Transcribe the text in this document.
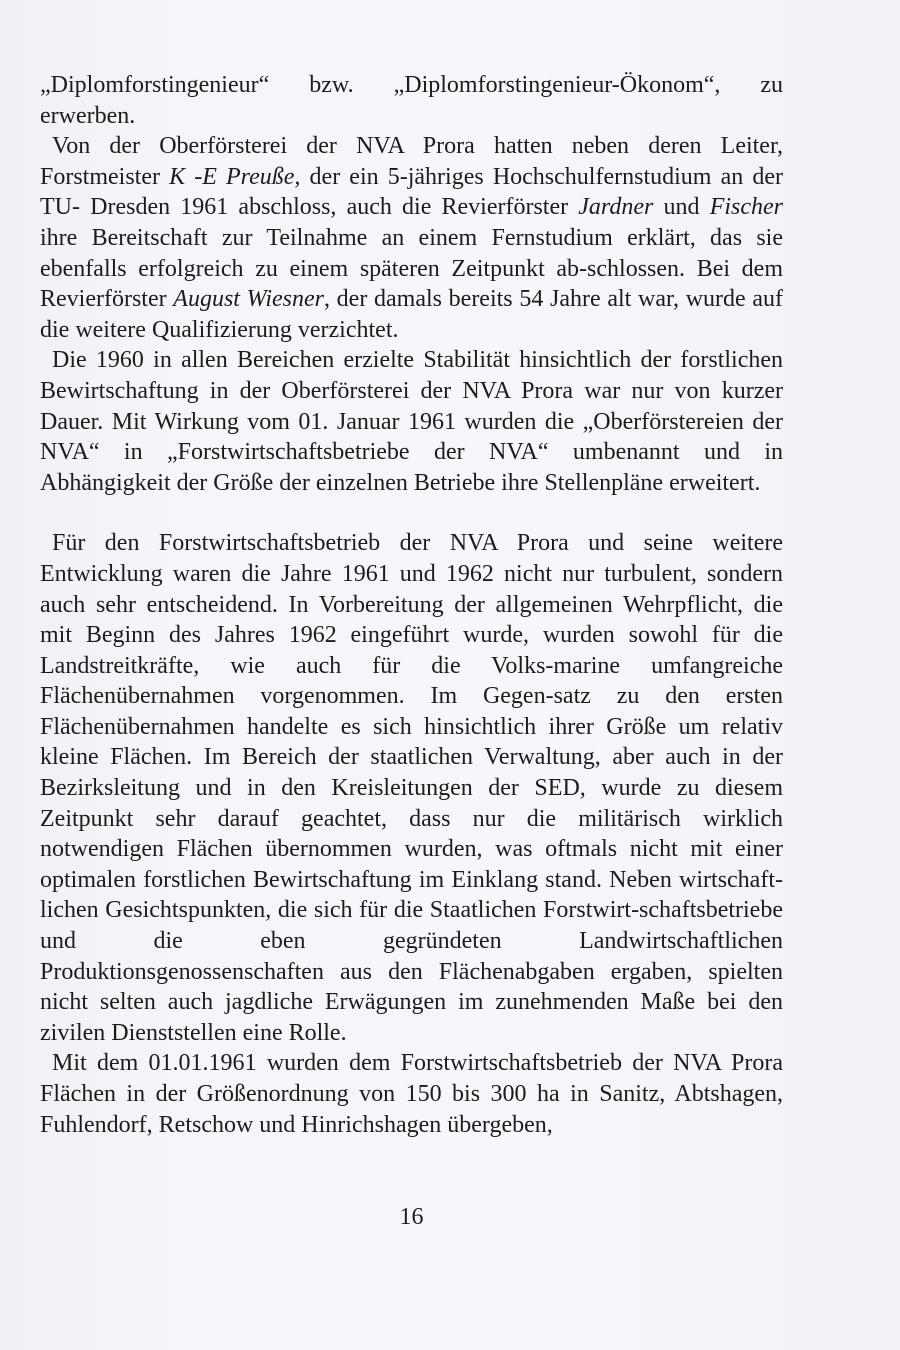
„Diplomforstingenieur“ bzw. „Diplomforstingenieur-Ökonom“, zu
erwerben.

Von der Oberförsterei der NVA Prora hatten neben deren Leiter, Forstmeister K -E Preuße, der ein 5-jähriges Hochschulfernstudium an der TU- Dresden 1961 abschloss, auch die Revierförster Jardner und Fischer ihre Bereitschaft zur Teilnahme an einem Fernstudium erklärt, das sie ebenfalls erfolgreich zu einem späteren Zeitpunkt ab-schlossen. Bei dem Revierförster August Wiesner, der damals bereits 54 Jahre alt war, wurde auf die weitere Qualifizierung verzichtet.

Die 1960 in allen Bereichen erzielte Stabilität hinsichtlich der forstlichen Bewirtschaftung in der Oberförsterei der NVA Prora war nur von kurzer Dauer. Mit Wirkung vom 01. Januar 1961 wurden die „Oberförstereien der NVA“ in „Forstwirtschaftsbetriebe der NVA“ umbenannt und in Abhängigkeit der Größe der einzelnen Betriebe ihre Stellenpläne erweitert.

Für den Forstwirtschaftsbetrieb der NVA Prora und seine weitere Entwicklung waren die Jahre 1961 und 1962 nicht nur turbulent, sondern auch sehr entscheidend. In Vorbereitung der allgemeinen Wehrpflicht, die mit Beginn des Jahres 1962 eingeführt wurde, wurden sowohl für die Landstreitkräfte, wie auch für die Volks-marine umfangreiche Flächenübernahmen vorgenommen. Im Gegen-satz zu den ersten Flächenübernahmen handelte es sich hinsichtlich ihrer Größe um relativ kleine Flächen. Im Bereich der staatlichen Verwaltung, aber auch in der Bezirksleitung und in den Kreisleitungen der SED, wurde zu diesem Zeitpunkt sehr darauf geachtet, dass nur die militärisch wirklich notwendigen Flächen übernommen wurden, was oftmals nicht mit einer optimalen forstlichen Bewirtschaftung im Einklang stand. Neben wirtschaft-lichen Gesichtspunkten, die sich für die Staatlichen Forstwirt-schaftsbetriebe und die eben gegründeten Landwirtschaftlichen Produktionsgenossenschaften aus den Flächenabgaben ergaben, spielten nicht selten auch jagdliche Erwägungen im zunehmenden Maße bei den zivilen Dienststellen eine Rolle.

Mit dem 01.01.1961 wurden dem Forstwirtschaftsbetrieb der NVA Prora Flächen in der Größenordnung von 150 bis 300 ha in Sanitz, Abtshagen, Fuhlendorf, Retschow und Hinrichshagen übergeben,

16
